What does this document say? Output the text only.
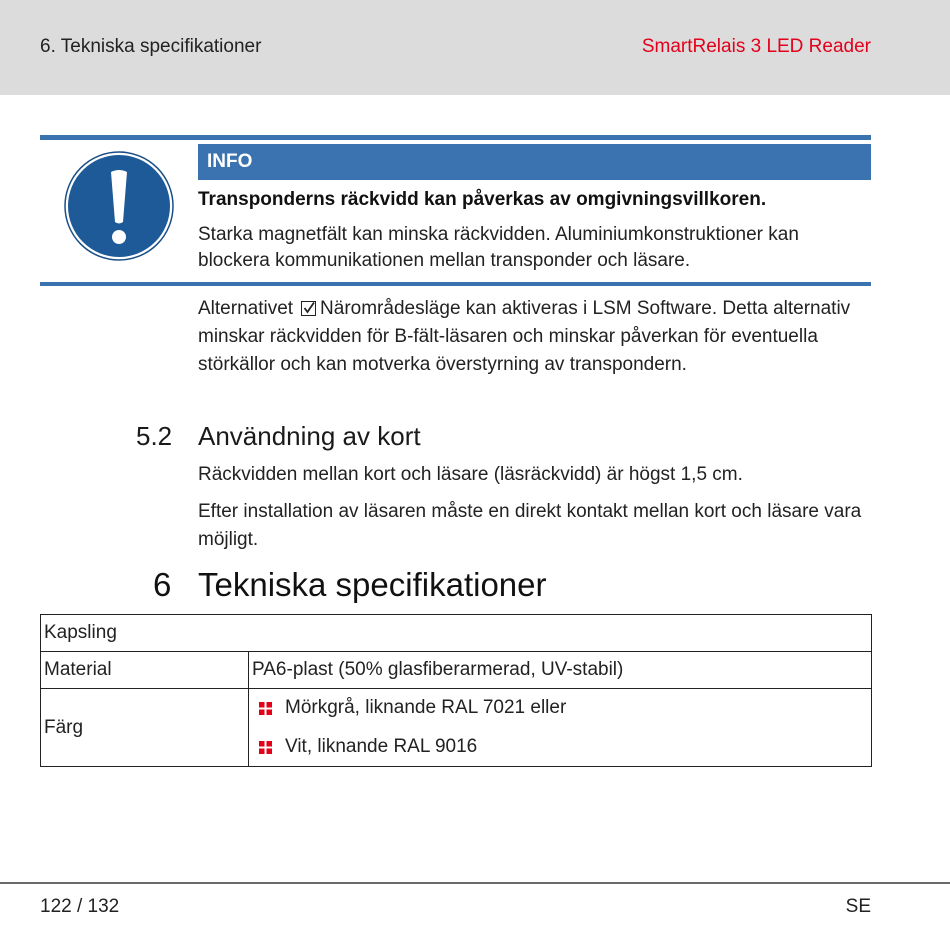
6. Tekniska specifikationer	SmartRelais 3 LED Reader
INFO
Transponderns räckvidd kan påverkas av omgivningsvillkoren.
Starka magnetfält kan minska räckvidden. Aluminiumkonstruktioner kan blockera kommunikationen mellan transponder och läsare.
Alternativet Närområdesläge kan aktiveras i LSM Software. Detta alternativ minskar räckvidden för B-fält-läsaren och minskar påverkan för eventuella störkällor och kan motverka överstyrning av transpondern.
5.2 Användning av kort
Räckvidden mellan kort och läsare (läsräckvidd) är högst 1,5 cm.
Efter installation av läsaren måste en direkt kontakt mellan kort och läsare vara möjligt.
6 Tekniska specifikationer
Kapsling	
Material	PA6-plast (50% glasfiberarmerad, UV-stabil)
Färg	Mörkgrå, liknande RAL 7021 eller
Vit, liknande RAL 9016
122 / 132	SE
